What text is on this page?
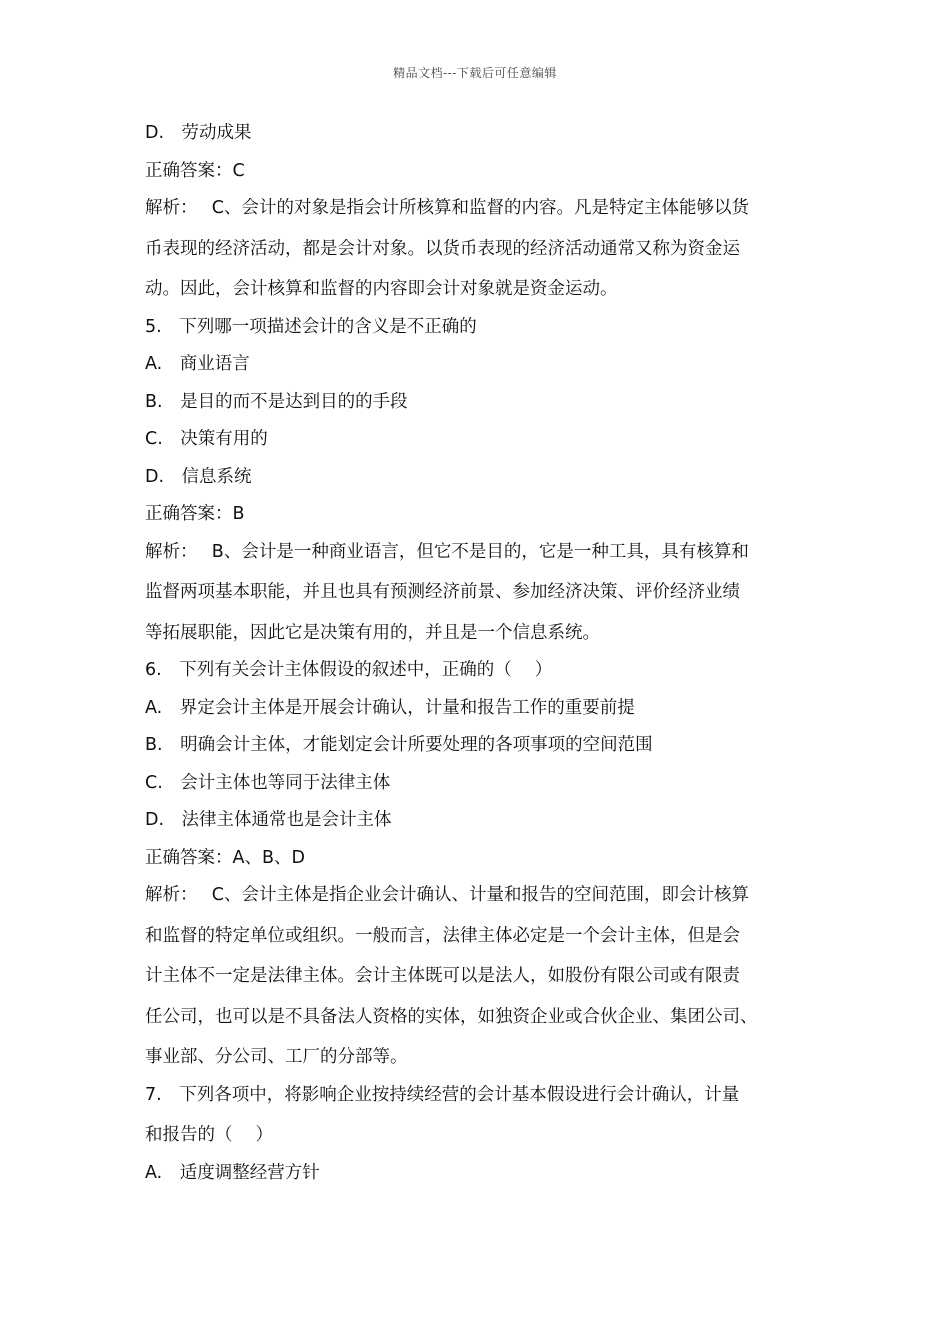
精品文档---下载后可任意编辑

D.　劳动成果

正确答案：C

解析：　 C、会计的对象是指会计所核算和监督的内容。凡是特定主体能够以货

币表现的经济活动，都是会计对象。以货币表现的经济活动通常又称为资金运

动。因此，会计核算和监督的内容即会计对象就是资金运动。

5.　下列哪一项描述会计的含义是不正确的

A.　商业语言

B.　是目的而不是达到目的的手段

C.　决策有用的

D.　信息系统

正确答案：B

解析：　 B、会计是一种商业语言，但它不是目的，它是一种工具，具有核算和

监督两项基本职能，并且也具有预测经济前景、参加经济决策、评价经济业绩

等拓展职能，因此它是决策有用的，并且是一个信息系统。

6.　下列有关会计主体假设的叙述中，正确的（　 ）

A.　界定会计主体是开展会计确认，计量和报告工作的重要前提

B.　明确会计主体，才能划定会计所要处理的各项事项的空间范围

C.　会计主体也等同于法律主体

D.　法律主体通常也是会计主体

正确答案：A、B、D

解析：　 C、会计主体是指企业会计确认、计量和报告的空间范围，即会计核算

和监督的特定单位或组织。一般而言，法律主体必定是一个会计主体，但是会

计主体不一定是法律主体。会计主体既可以是法人，如股份有限公司或有限责

任公司，也可以是不具备法人资格的实体，如独资企业或合伙企业、集团公司、

事业部、分公司、工厂的分部等。

7.　下列各项中，将影响企业按持续经营的会计基本假设进行会计确认，计量

和报告的（　 ）

A.　适度调整经营方针
